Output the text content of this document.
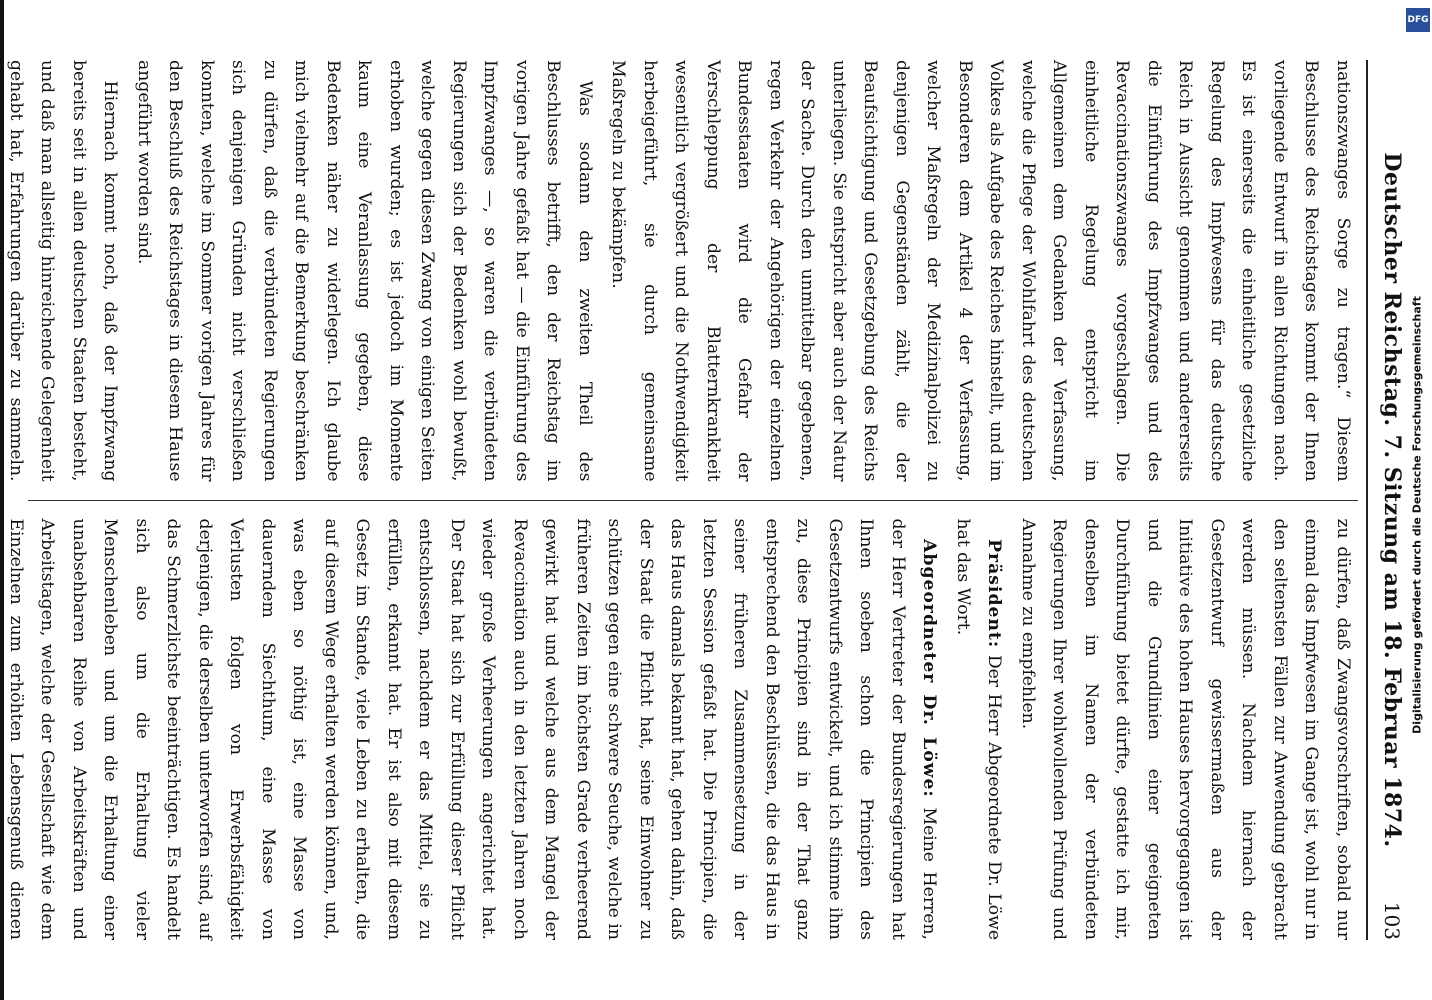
Deutscher Reichstag. 7. Sitzung am 18. Februar 1874.
103

nationszwanges Sorge zu tragen.“ Diesem Beschlusse des Reichstages kommt der Ihnen vorliegende Entwurf in allen Richtungen nach. Es ist einerseits die einheitliche gesetzliche Regelung des Impfwesens für das deutsche Reich in Aussicht genommen und andererseits die Einführung des Impfzwanges und des Revaccinationszwanges vorgeschlagen. Die einheitliche Regelung entspricht im Allgemeinen dem Gedanken der Verfassung, welche die Pflege der Wohlfahrt des deutschen Volkes als Aufgabe des Reiches hinstellt, und im Besonderen dem Artikel 4 der Verfassung, welcher Maßregeln der Medizinalpolizei zu denjenigen Gegenständen zählt, die der Beaufsichtigung und Gesetzgebung des Reichs unterliegen. Sie entspricht aber auch der Natur der Sache. Durch den unmittelbar gegebenen, regen Verkehr der Angehörigen der einzelnen Bundesstaaten wird die Gefahr der Verschleppung der Blatternkrankheit wesentlich vergrößert und die Nothwendigkeit herbeigeführt, sie durch gemeinsame Maßregeln zu bekämpfen.

Was sodann den zweiten Theil des Beschlusses betrifft, den der Reichstag im vorigen Jahre gefaßt hat — die Einführung des Impfzwanges —, so waren die verbündeten Regierungen sich der Bedenken wohl bewußt, welche gegen diesen Zwang von einigen Seiten erhoben wurden; es ist jedoch im Momente kaum eine Veranlassung gegeben, diese Bedenken näher zu widerlegen. Ich glaube mich vielmehr auf die Bemerkung beschränken zu dürfen, daß die verbündeten Regierungen sich denjenigen Gründen nicht verschließen konnten, welche im Sommer vorigen Jahres für den Beschluß des Reichstages in diesem Hause angeführt worden sind.

Hiernach kommt noch, daß der Impfzwang bereits seit in allen deutschen Staaten besteht, und daß man allseitig hinreichende Gelegenheit gehabt hat, Erfahrungen darüber zu sammeln.

zu dürfen, daß Zwangsvorschriften, sobald nur einmal das Impfwesen im Gange ist, wohl nur in den seltensten Fällen zur Anwendung gebracht werden müssen. Nachdem hiernach der Gesetzentwurf gewissermaßen aus der Initiative des hohen Hauses hervorgegangen ist und die Grundlinien einer geeigneten Durchführung bietet dürfte, gestatte ich mir, denselben im Namen der verbündeten Regierungen Ihrer wohlwollenden Prüfung und Annahme zu empfehlen.

Präsident: Der Herr Abgeordnete Dr. Löwe hat das Wort.

Abgeordneter Dr. Löwe: Meine Herren, der Herr Vertreter der Bundesregierungen hat Ihnen soeben schon die Principien des Gesetzentwurfs entwickelt, und ich stimme ihm zu, diese Principien sind in der That ganz entsprechend den Beschlüssen, die das Haus in seiner früheren Zusammensetzung in der letzten Session gefaßt hat. Die Principien, die das Haus damals bekannt hat, gehen dahin, daß der Staat die Pflicht hat, seine Einwohner zu schützen gegen eine schwere Seuche, welche in früheren Zeiten im höchsten Grade verheerend gewirkt hat und welche aus dem Mangel der Revaccination auch in den letzten Jahren noch wieder große Verheerungen angerichtet hat. Der Staat hat sich zur Erfüllung dieser Pflicht entschlossen, nachdem er das Mittel, sie zu erfüllen, erkannt hat. Er ist also mit diesem Gesetz im Stande, viele Leben zu erhalten, die auf diesem Wege erhalten werden können, und, was eben so nöthig ist, eine Masse von dauerndem Siechthum, eine Masse von Verlusten folgen von Erwerbsfähigkeit derjenigen, die derselben unterworfen sind, auf das Schmerzlichste beeinträchtigen. Es handelt sich also um die Erhaltung vieler Menschenleben und um die Erhaltung einer unabsehbaren Reihe von Arbeitskräften und Arbeitstagen, welche der Gesellschaft wie dem Einzelnen zum erhöhten Lebensgenuß dienen

DFG
Digitalisierung gefördert durch die Deutsche Forschungsgemeinschaft
